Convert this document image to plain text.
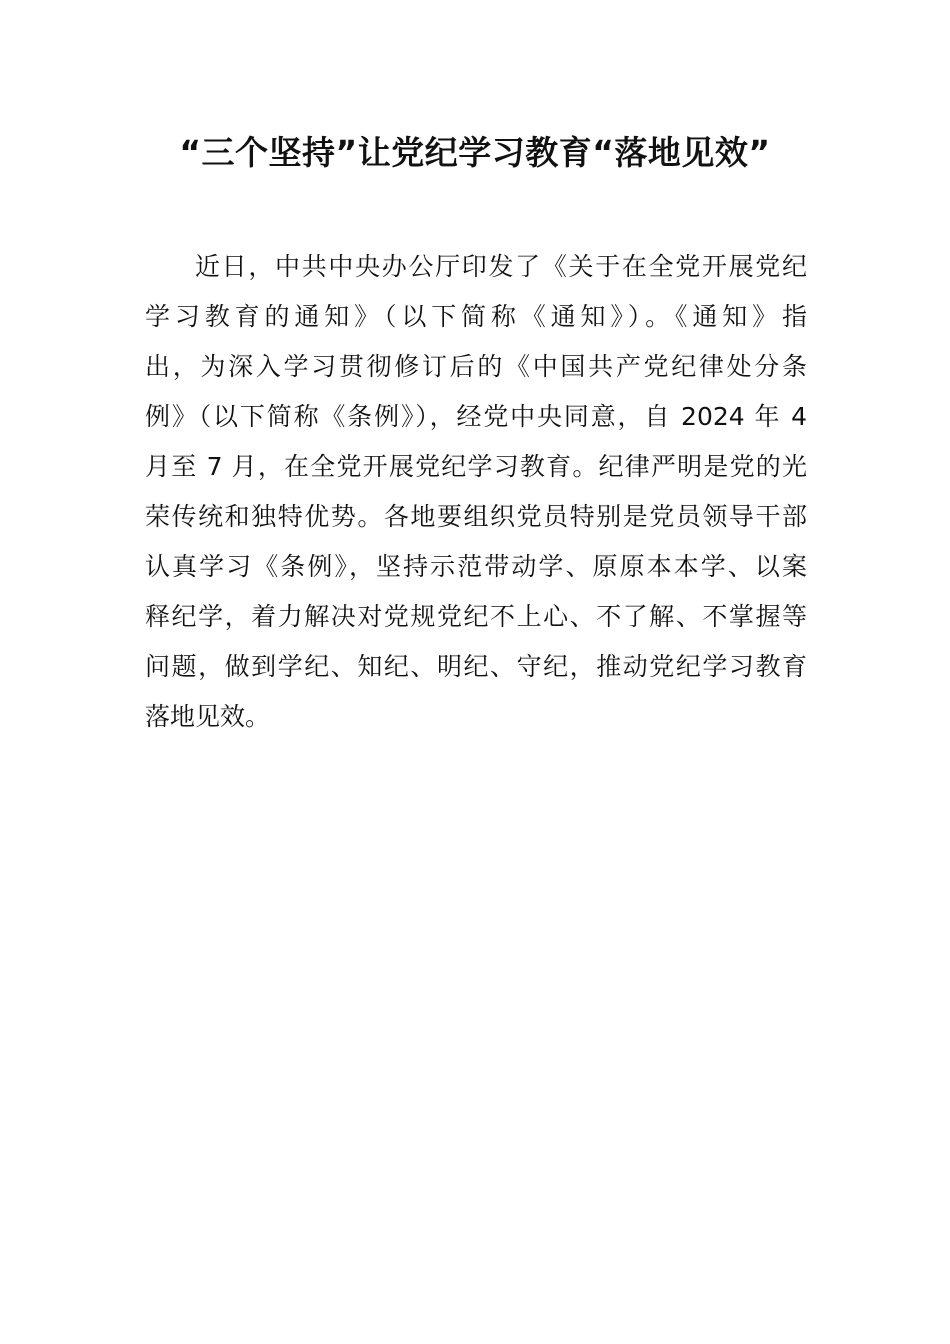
“三个坚持”让党纪学习教育“落地见效”
近日，中共中央办公厅印发了《关于在全党开展党纪
学习教育的通知》（以下简称《通知》）。《通知》指
出，为深入学习贯彻修订后的《中国共产党纪律处分条
例》（以下简称《条例》），经党中央同意，自 2024 年 4
月至 7 月，在全党开展党纪学习教育。纪律严明是党的光
荣传统和独特优势。各地要组织党员特别是党员领导干部
认真学习《条例》，坚持示范带动学、原原本本学、以案
释纪学，着力解决对党规党纪不上心、不了解、不掌握等
问题，做到学纪、知纪、明纪、守纪，推动党纪学习教育
落地见效。
